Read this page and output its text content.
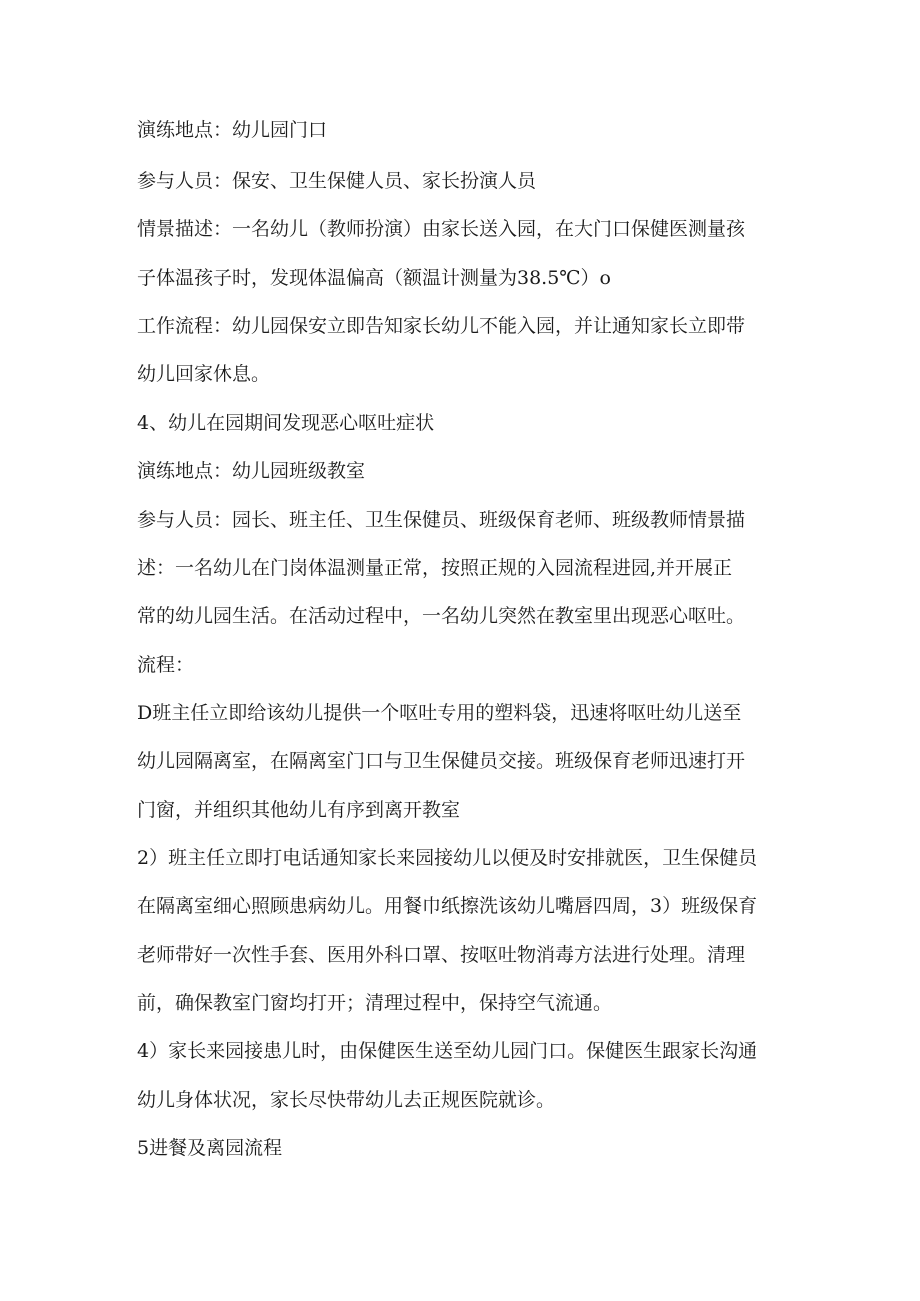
演练地点：幼儿园门口

参与人员：保安、卫生保健人员、家长扮演人员

情景描述：一名幼儿（教师扮演）由家长送入园，在大门口保健医测量孩

子体温孩子时，发现体温偏高（额温计测量为38.5℃）o

工作流程：幼儿园保安立即告知家长幼儿不能入园，并让通知家长立即带

幼儿回家休息。

4、幼儿在园期间发现恶心呕吐症状

演练地点：幼儿园班级教室

参与人员：园长、班主任、卫生保健员、班级保育老师、班级教师情景描

述：一名幼儿在门岗体温测量正常，按照正规的入园流程进园,并开展正

常的幼儿园生活。在活动过程中，一名幼儿突然在教室里出现恶心呕吐。

流程：

D班主任立即给该幼儿提供一个呕吐专用的塑料袋，迅速将呕吐幼儿送至

幼儿园隔离室，在隔离室门口与卫生保健员交接。班级保育老师迅速打开

门窗，并组织其他幼儿有序到离开教室

2）班主任立即打电话通知家长来园接幼儿以便及时安排就医，卫生保健员

在隔离室细心照顾患病幼儿。用餐巾纸擦洗该幼儿嘴唇四周，3）班级保育

老师带好一次性手套、医用外科口罩、按呕吐物消毒方法进行处理。清理

前，确保教室门窗均打开；清理过程中，保持空气流通。

4）家长来园接患儿时，由保健医生送至幼儿园门口。保健医生跟家长沟通

幼儿身体状况，家长尽快带幼儿去正规医院就诊。

5进餐及离园流程
